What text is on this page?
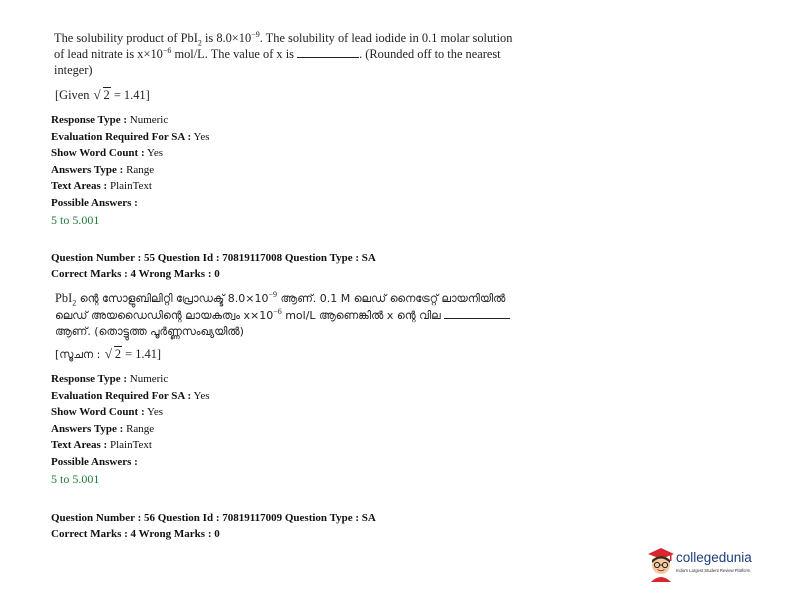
The solubility product of PbI$_2$ is $8.0\times 10^{-9}$. The solubility of lead iodide in 0.1 molar solution
of lead nitrate is $x\times 10^{-6}$ mol/L. The value of x is	. (Rounded off to the nearest
integer)
[Given √ 2 = 1.41]
Response Type : Numeric
Evaluation Required For SA : Yes
Show Word Count : Yes
Answers Type : Range
Text Areas : PlainText
Possible Answers :
5 to 5.001
Question Number : 55 Question Id : 70819117008 Question Type : SA
Correct Marks : 4 Wrong Marks : 0
PbI$_2$ ന്റെ സോളുബിലിറ്റി പ്രോഡക്ട് $8.0\times 10^{-9}$ ആണ്. 0.1 M ലെഡ് നൈട്രേറ്റ് ലായനിയിൽ
ലെഡ് അയഡൈഡിന്റെ ലായകത്വം $x\times 10^{-6}$ mol/L ആണെങ്കിൽ x ന്റെ വില
ആണ്. (തൊട്ടുത്ത പൂർണ്ണസംഖ്യയിൽ)
[സൂചന : √ 2 = 1.41]
Response Type : Numeric
Evaluation Required For SA : Yes
Show Word Count : Yes
Answers Type : Range
Text Areas : PlainText
Possible Answers :
5 to 5.001
Question Number : 56 Question Id : 70819117009 Question Type : SA
Correct Marks : 4 Wrong Marks : 0
collegedunia
India's Largest Student Review Platform
